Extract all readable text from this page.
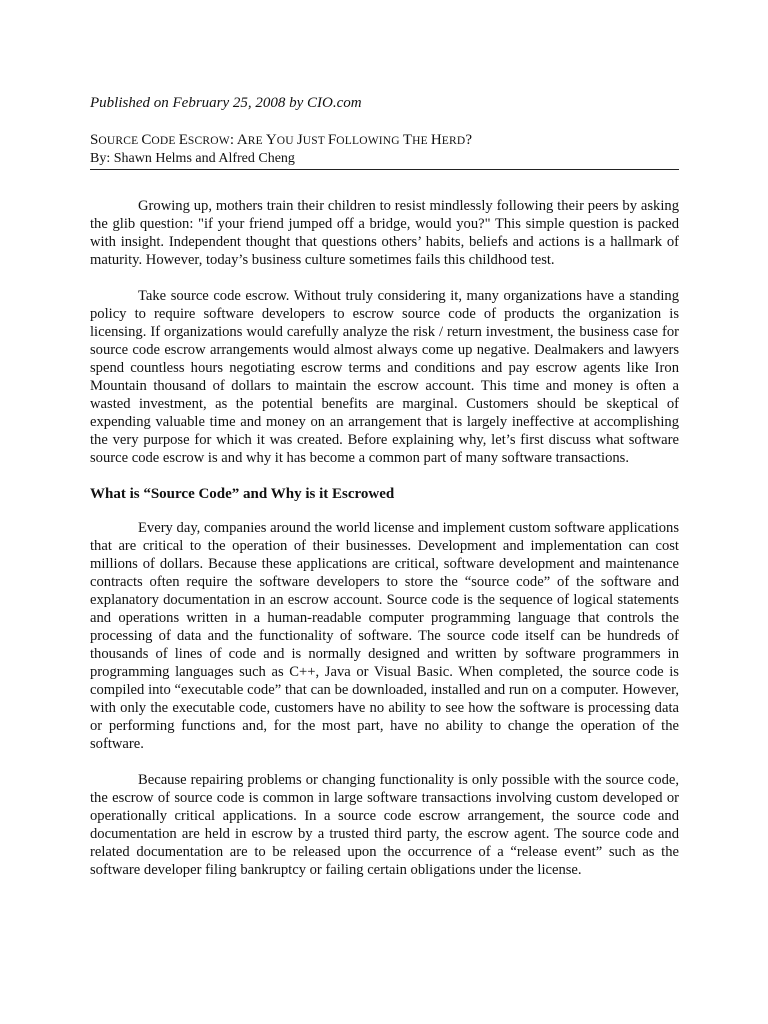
Published on February 25, 2008 by CIO.com

SOURCE CODE ESCROW: ARE YOU JUST FOLLOWING THE HERD?

By: Shawn Helms and Alfred Cheng

Growing up, mothers train their children to resist mindlessly following their peers by asking the glib question: "if your friend jumped off a bridge, would you?" This simple question is packed with insight. Independent thought that questions others’ habits, beliefs and actions is a hallmark of maturity. However, today’s business culture sometimes fails this childhood test.

Take source code escrow. Without truly considering it, many organizations have a standing policy to require software developers to escrow source code of products the organization is licensing. If organizations would carefully analyze the risk / return investment, the business case for source code escrow arrangements would almost always come up negative. Dealmakers and lawyers spend countless hours negotiating escrow terms and conditions and pay escrow agents like Iron Mountain thousand of dollars to maintain the escrow account. This time and money is often a wasted investment, as the potential benefits are marginal. Customers should be skeptical of expending valuable time and money on an arrangement that is largely ineffective at accomplishing the very purpose for which it was created. Before explaining why, let’s first discuss what software source code escrow is and why it has become a common part of many software transactions.

What is “Source Code” and Why is it Escrowed

Every day, companies around the world license and implement custom software applications that are critical to the operation of their businesses. Development and implementation can cost millions of dollars. Because these applications are critical, software development and maintenance contracts often require the software developers to store the “source code” of the software and explanatory documentation in an escrow account. Source code is the sequence of logical statements and operations written in a human-readable computer programming language that controls the processing of data and the functionality of software. The source code itself can be hundreds of thousands of lines of code and is normally designed and written by software programmers in programming languages such as C++, Java or Visual Basic. When completed, the source code is compiled into “executable code” that can be downloaded, installed and run on a computer. However, with only the executable code, customers have no ability to see how the software is processing data or performing functions and, for the most part, have no ability to change the operation of the software.

Because repairing problems or changing functionality is only possible with the source code, the escrow of source code is common in large software transactions involving custom developed or operationally critical applications. In a source code escrow arrangement, the source code and documentation are held in escrow by a trusted third party, the escrow agent. The source code and related documentation are to be released upon the occurrence of a “release event” such as the software developer filing bankruptcy or failing certain obligations under the license.
